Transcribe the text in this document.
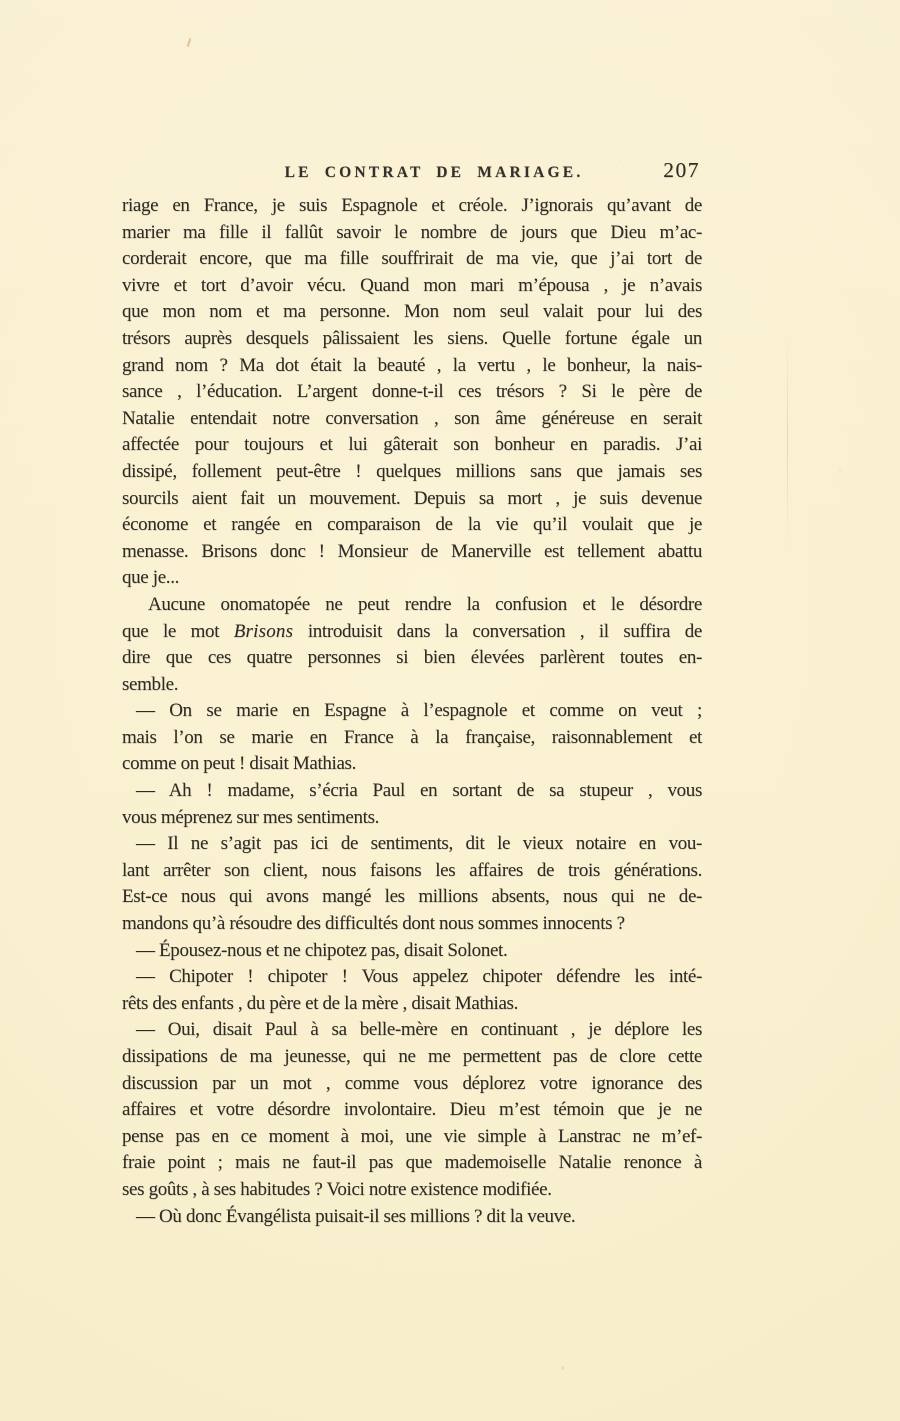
LE CONTRAT DE MARIAGE.	207
riage en France, je suis Espagnole et créole. J’ignorais qu’avant de
marier ma fille il fallût savoir le nombre de jours que Dieu m’ac-
corderait encore, que ma fille souffrirait de ma vie, que j’ai tort de
vivre et tort d’avoir vécu. Quand mon mari m’épousa , je n’avais
que mon nom et ma personne. Mon nom seul valait pour lui des
trésors auprès desquels pâlissaient les siens. Quelle fortune égale un
grand nom ? Ma dot était la beauté , la vertu , le bonheur, la nais-
sance , l’éducation. L’argent donne-t-il ces trésors ? Si le père de
Natalie entendait notre conversation , son âme généreuse en serait
affectée pour toujours et lui gâterait son bonheur en paradis. J’ai
dissipé, follement peut-être ! quelques millions sans que jamais ses
sourcils aient fait un mouvement. Depuis sa mort , je suis devenue
économe et rangée en comparaison de la vie qu’il voulait que je
menasse. Brisons donc ! Monsieur de Manerville est tellement abattu
que je...
Aucune onomatopée ne peut rendre la confusion et le désordre
que le mot Brisons introduisit dans la conversation , il suffira de
dire que ces quatre personnes si bien élevées parlèrent toutes en-
semble.
— On se marie en Espagne à l’espagnole et comme on veut ;
mais l’on se marie en France à la française, raisonnablement et
comme on peut ! disait Mathias.
— Ah ! madame, s’écria Paul en sortant de sa stupeur , vous
vous méprenez sur mes sentiments.
— Il ne s’agit pas ici de sentiments, dit le vieux notaire en vou-
lant arrêter son client, nous faisons les affaires de trois générations.
Est-ce nous qui avons mangé les millions absents, nous qui ne de-
mandons qu’à résoudre des difficultés dont nous sommes innocents ?
— Épousez-nous et ne chipotez pas, disait Solonet.
— Chipoter ! chipoter ! Vous appelez chipoter défendre les inté-
rêts des enfants , du père et de la mère , disait Mathias.
— Oui, disait Paul à sa belle-mère en continuant , je déplore les
dissipations de ma jeunesse, qui ne me permettent pas de clore cette
discussion par un mot , comme vous déplorez votre ignorance des
affaires et votre désordre involontaire. Dieu m’est témoin que je ne
pense pas en ce moment à moi, une vie simple à Lanstrac ne m’ef-
fraie point ; mais ne faut-il pas que mademoiselle Natalie renonce à
ses goûts , à ses habitudes ? Voici notre existence modifiée.
— Où donc Évangélista puisait-il ses millions ? dit la veuve.
